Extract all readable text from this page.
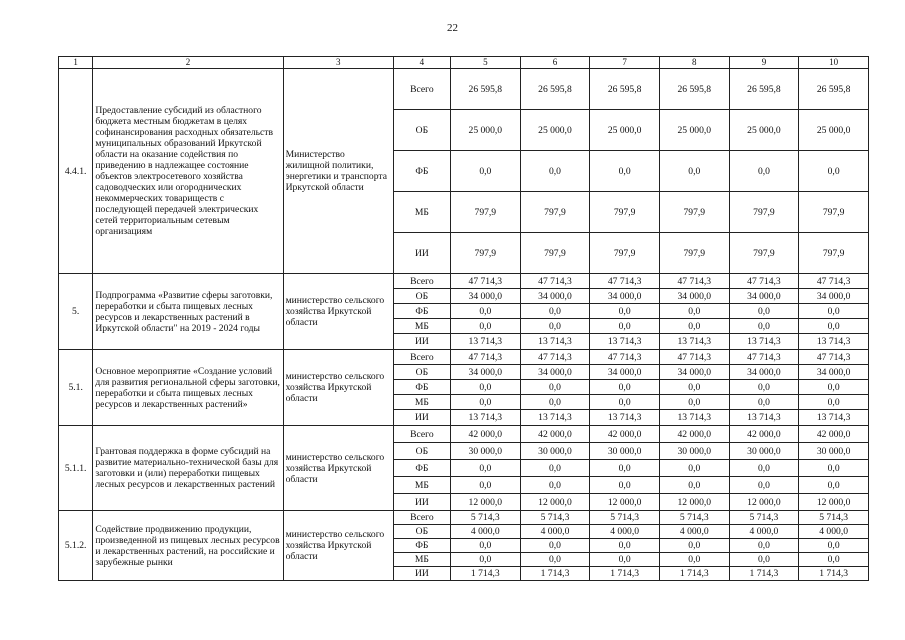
22
1	2	3	4	5	6	7	8	9	10
4.4.1.	Предоставление субсидий из областного бюджета местным бюджетам в целях софинансирования расходных обязательств муниципальных образований Иркутской области на оказание содействия по приведению в надлежащее состояние объектов электросетевого хозяйства садоводческих или огороднических некоммерческих товариществ с последующей передачей электрических сетей территориальным сетевым организациям	Министерство жилищной политики, энергетики и транспорта Иркутской области	Всего	26 595,8	26 595,8	26 595,8	26 595,8	26 595,8	26 595,8
			ОБ	25 000,0	25 000,0	25 000,0	25 000,0	25 000,0	25 000,0
			ФБ	0,0	0,0	0,0	0,0	0,0	0,0
			МБ	797,9	797,9	797,9	797,9	797,9	797,9
			ИИ	797,9	797,9	797,9	797,9	797,9	797,9
5.	Подпрограмма «Развитие сферы заготовки, переработки и сбыта пищевых лесных ресурсов и лекарственных растений в Иркутской области" на 2019 - 2024 годы	министерство сельского хозяйства Иркутской области	Всего	47 714,3	47 714,3	47 714,3	47 714,3	47 714,3	47 714,3
			ОБ	34 000,0	34 000,0	34 000,0	34 000,0	34 000,0	34 000,0
			ФБ	0,0	0,0	0,0	0,0	0,0	0,0
			МБ	0,0	0,0	0,0	0,0	0,0	0,0
			ИИ	13 714,3	13 714,3	13 714,3	13 714,3	13 714,3	13 714,3
5.1.	Основное мероприятие «Создание условий для развития региональной сферы заготовки, переработки и сбыта пищевых лесных ресурсов и лекарственных растений»	министерство сельского хозяйства Иркутской области	Всего	47 714,3	47 714,3	47 714,3	47 714,3	47 714,3	47 714,3
			ОБ	34 000,0	34 000,0	34 000,0	34 000,0	34 000,0	34 000,0
			ФБ	0,0	0,0	0,0	0,0	0,0	0,0
			МБ	0,0	0,0	0,0	0,0	0,0	0,0
			ИИ	13 714,3	13 714,3	13 714,3	13 714,3	13 714,3	13 714,3
5.1.1.	Грантовая поддержка в форме субсидий на развитие материально-технической базы для заготовки и (или) переработки пищевых лесных ресурсов и лекарственных растений	министерство сельского хозяйства Иркутской области	Всего	42 000,0	42 000,0	42 000,0	42 000,0	42 000,0	42 000,0
			ОБ	30 000,0	30 000,0	30 000,0	30 000,0	30 000,0	30 000,0
			ФБ	0,0	0,0	0,0	0,0	0,0	0,0
			МБ	0,0	0,0	0,0	0,0	0,0	0,0
			ИИ	12 000,0	12 000,0	12 000,0	12 000,0	12 000,0	12 000,0
5.1.2.	Содействие продвижению продукции, произведенной из пищевых лесных ресурсов и лекарственных растений, на российские и зарубежные рынки	министерство сельского хозяйства Иркутской области	Всего	5 714,3	5 714,3	5 714,3	5 714,3	5 714,3	5 714,3
			ОБ	4 000,0	4 000,0	4 000,0	4 000,0	4 000,0	4 000,0
			ФБ	0,0	0,0	0,0	0,0	0,0	0,0
			МБ	0,0	0,0	0,0	0,0	0,0	0,0
			ИИ	1 714,3	1 714,3	1 714,3	1 714,3	1 714,3	1 714,3
